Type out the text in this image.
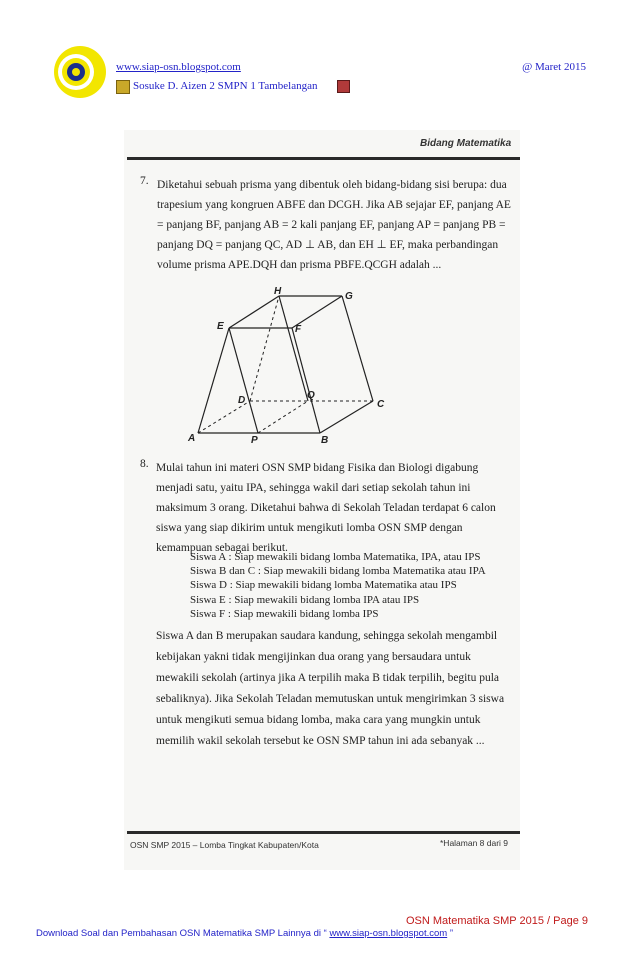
www.siap-osn.blogspot.com	@ Maret 2015
Sosuke D. Aizen 2 SMPN 1 Tambelangan
Bidang Matematika
7. Diketahui sebuah prisma yang dibentuk oleh bidang-bidang sisi berupa: dua trapesium yang kongruen ABFE dan DCGH. Jika AB sejajar EF, panjang AE = panjang BF, panjang AB = 2 kali panjang EF, panjang AP = panjang PB = panjang DQ = panjang QC, AD ⊥ AB, dan EH ⊥ EF, maka perbandingan volume prisma APE.DQH dan prisma PBFE.QCGH adalah ...
H	G
E	F
D	Q
C
A	P	B
8. Mulai tahun ini materi OSN SMP bidang Fisika dan Biologi digabung menjadi satu, yaitu IPA, sehingga wakil dari setiap sekolah tahun ini maksimum 3 orang. Diketahui bahwa di Sekolah Teladan terdapat 6 calon siswa yang siap dikirim untuk mengikuti lomba OSN SMP dengan kemampuan sebagai berikut.
Siswa A : Siap mewakili bidang lomba Matematika, IPA, atau IPS
Siswa B dan C : Siap mewakili bidang lomba Matematika atau IPA
Siswa D : Siap mewakili bidang lomba Matematika atau IPS
Siswa E : Siap mewakili bidang lomba IPA atau IPS
Siswa F : Siap mewakili bidang lomba IPS
Siswa A dan B merupakan saudara kandung, sehingga sekolah mengambil kebijakan yakni tidak mengijinkan dua orang yang bersaudara untuk mewakili sekolah (artinya jika A terpilih maka B tidak terpilih, begitu pula sebaliknya). Jika Sekolah Teladan memutuskan untuk mengirimkan 3 siswa untuk mengikuti semua bidang lomba, maka cara yang mungkin untuk memilih wakil sekolah tersebut ke OSN SMP tahun ini ada sebanyak ...
OSN SMP 2015 – Lomba Tingkat Kabupaten/Kota	*Halaman 8 dari 9
OSN Matematika SMP 2015 / Page 9
Download Soal dan Pembahasan OSN Matematika SMP Lainnya di “ www.siap-osn.blogspot.com ”
